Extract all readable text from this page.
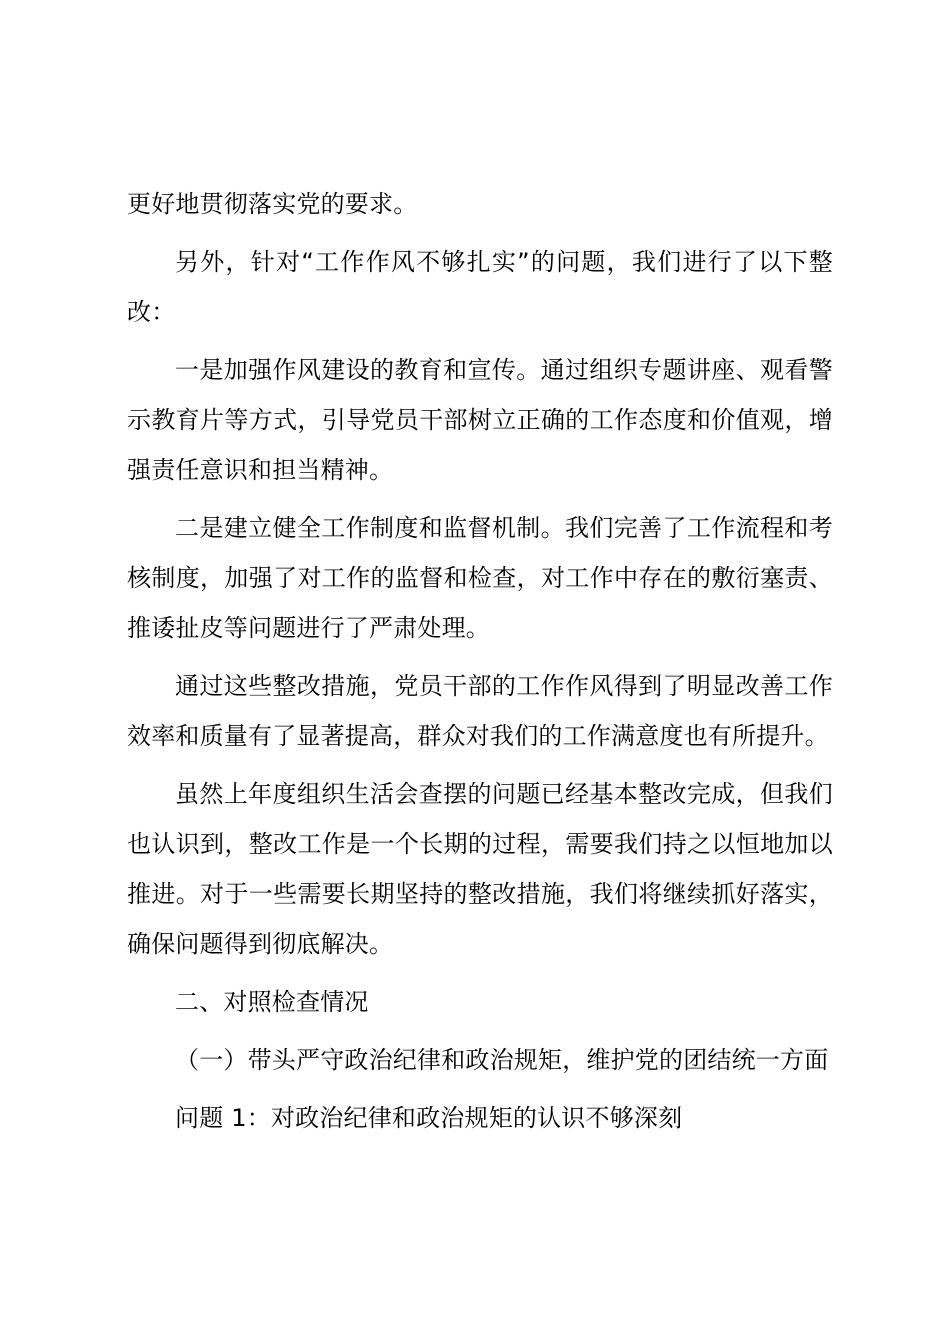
更好地贯彻落实党的要求。

另外，针对“工作作风不够扎实”的问题，我们进行了以下整改：

一是加强作风建设的教育和宣传。通过组织专题讲座、观看警示教育片等方式，引导党员干部树立正确的工作态度和价值观，增强责任意识和担当精神。

二是建立健全工作制度和监督机制。我们完善了工作流程和考核制度，加强了对工作的监督和检查，对工作中存在的敷衍塞责、推诿扯皮等问题进行了严肃处理。

通过这些整改措施，党员干部的工作作风得到了明显改善工作效率和质量有了显著提高，群众对我们的工作满意度也有所提升。

虽然上年度组织生活会查摆的问题已经基本整改完成，但我们也认识到，整改工作是一个长期的过程，需要我们持之以恒地加以推进。对于一些需要长期坚持的整改措施，我们将继续抓好落实，确保问题得到彻底解决。

二、对照检查情况

（一）带头严守政治纪律和政治规矩，维护党的团结统一方面

问题 1：对政治纪律和政治规矩的认识不够深刻
